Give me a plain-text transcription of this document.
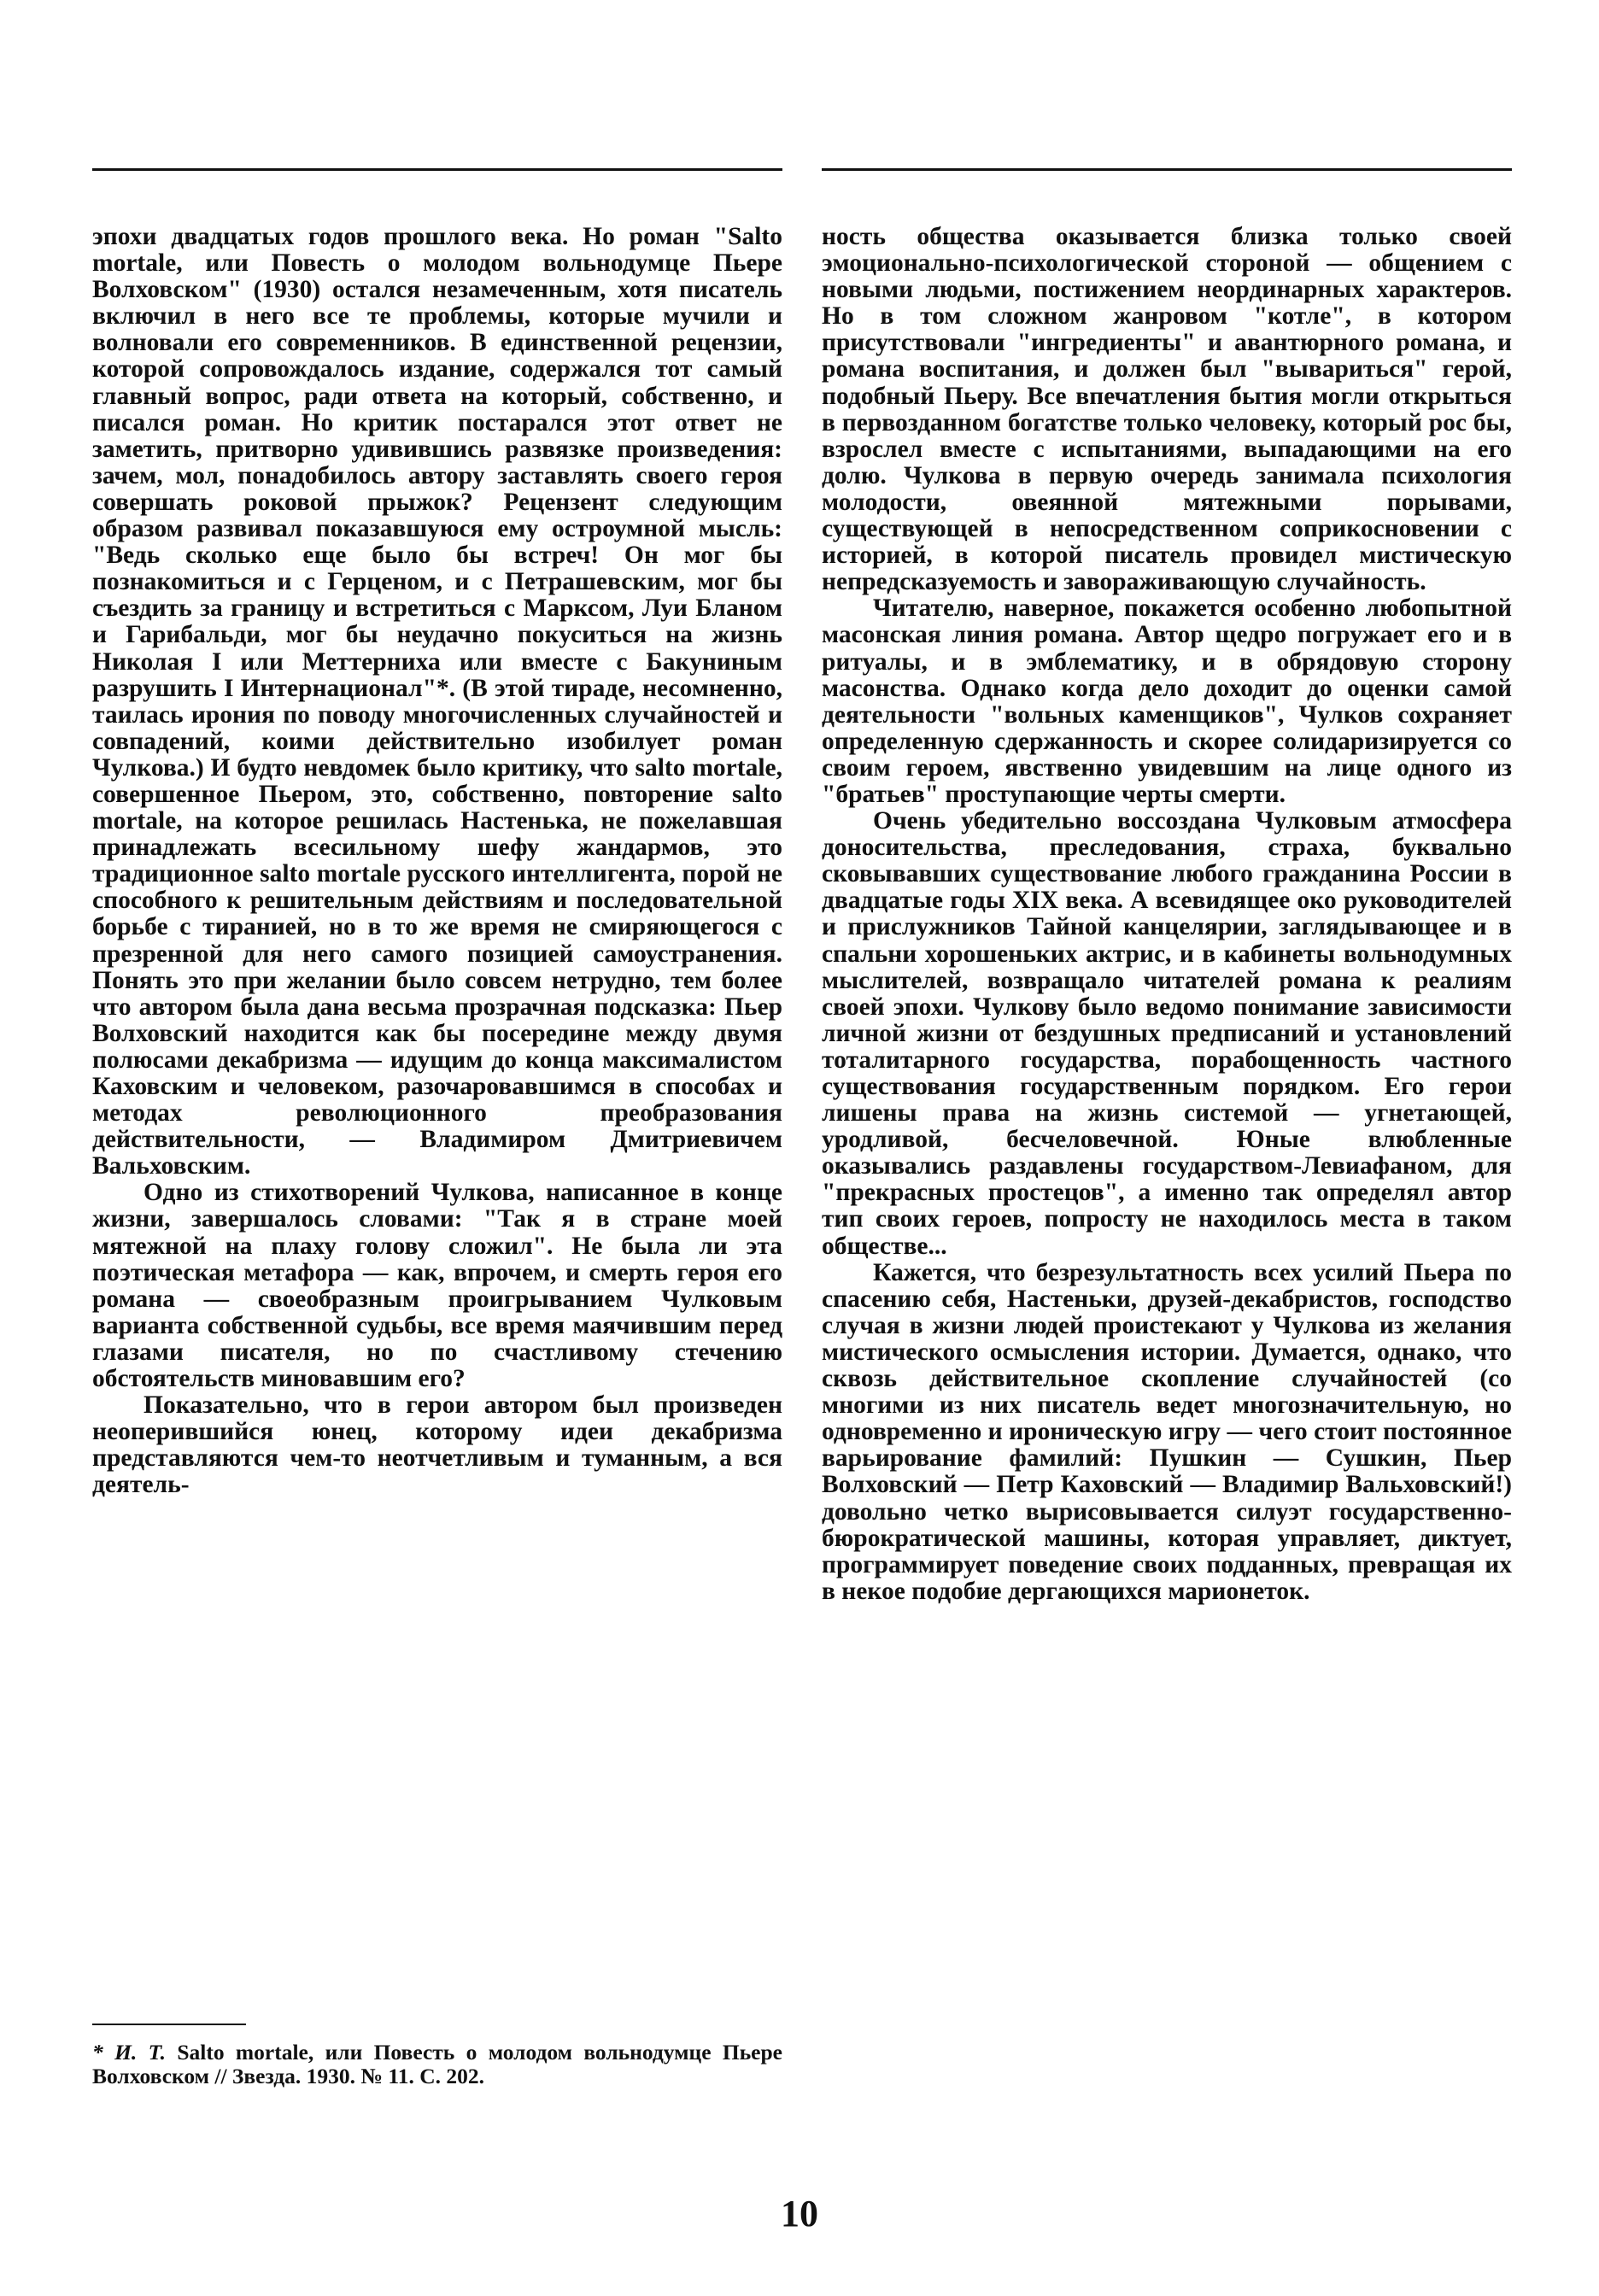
эпохи двадцатых годов прошлого века. Но роман "Salto mortale, или Повесть о молодом вольнодумце Пьере Волховском" (1930) остался незамеченным, хотя писатель включил в него все те проблемы, которые мучили и волновали его современников. В единственной рецензии, которой сопровождалось издание, содержался тот самый главный вопрос, ради ответа на который, собственно, и писался роман. Но критик постарался этот ответ не заметить, притворно удивившись развязке произведения: зачем, мол, понадобилось автору заставлять своего героя совершать роковой прыжок? Рецензент следующим образом развивал показавшуюся ему остроумной мысль: "Ведь сколько еще было бы встреч! Он мог бы познакомиться и с Герценом, и с Петрашевским, мог бы съездить за границу и встретиться с Марксом, Луи Бланом и Гарибальди, мог бы неудачно покуситься на жизнь Николая I или Меттерниха или вместе с Бакуниным разрушить I Интернационал"*. (В этой тираде, несомненно, таилась ирония по поводу многочисленных случайностей и совпадений, коими действительно изобилует роман Чулкова.) И будто невдомек было критику, что salto mortale, совершенное Пьером, это, собственно, повторение salto mortale, на которое решилась Настенька, не пожелавшая принадлежать всесильному шефу жандармов, это традиционное salto mortale русского интеллигента, порой не способного к решительным действиям и последовательной борьбе с тиранией, но в то же время не смиряющегося с презренной для него самого позицией самоустранения. Понять это при желании было совсем нетрудно, тем более что автором была дана весьма прозрачная подсказка: Пьер Волховский находится как бы посередине между двумя полюсами декабризма — идущим до конца максималистом Каховским и человеком, разочаровавшимся в способах и методах революционного преобразования действительности, — Владимиром Дмитриевичем Вальховским.

Одно из стихотворений Чулкова, написанное в конце жизни, завершалось словами: "Так я в стране моей мятежной на плаху голову сложил". Не была ли эта поэтическая метафора — как, впрочем, и смерть героя его романа — своеобразным проигрыванием Чулковым варианта собственной судьбы, все время маячившим перед глазами писателя, но по счастливому стечению обстоятельств миновавшим его?

Показательно, что в герои автором был произведен неоперившийся юнец, которому идеи декабризма представляются чем-то неотчетливым и туманным, а вся деятель-

ность общества оказывается близка только своей эмоционально-психологической стороной — общением с новыми людьми, постижением неординарных характеров. Но в том сложном жанровом "котле", в котором присутствовали "ингредиенты" и авантюрного романа, и романа воспитания, и должен был "вывариться" герой, подобный Пьеру. Все впечатления бытия могли открыться в первозданном богатстве только человеку, который рос бы, взрослел вместе с испытаниями, выпадающими на его долю. Чулкова в первую очередь занимала психология молодости, овеянной мятежными порывами, существующей в непосредственном соприкосновении с историей, в которой писатель провидел мистическую непредсказуемость и завораживающую случайность.

Читателю, наверное, покажется особенно любопытной масонская линия романа. Автор щедро погружает его и в ритуалы, и в эмблематику, и в обрядовую сторону масонства. Однако когда дело доходит до оценки самой деятельности "вольных каменщиков", Чулков сохраняет определенную сдержанность и скорее солидаризируется со своим героем, явственно увидевшим на лице одного из "братьев" проступающие черты смерти.

Очень убедительно воссоздана Чулковым атмосфера доносительства, преследования, страха, буквально сковывавших существование любого гражданина России в двадцатые годы XIX века. А всевидящее око руководителей и прислужников Тайной канцелярии, заглядывающее и в спальни хорошеньких актрис, и в кабинеты вольнодумных мыслителей, возвращало читателей романа к реалиям своей эпохи. Чулкову было ведомо понимание зависимости личной жизни от бездушных предписаний и установлений тоталитарного государства, порабощенность частного существования государственным порядком. Его герои лишены права на жизнь системой — угнетающей, уродливой, бесчеловечной. Юные влюбленные оказывались раздавлены государством-Левиафаном, для "прекрасных простецов", а именно так определял автор тип своих героев, попросту не находилось места в таком обществе...

Кажется, что безрезультатность всех усилий Пьера по спасению себя, Настеньки, друзей-декабристов, господство случая в жизни людей проистекают у Чулкова из желания мистического осмысления истории. Думается, однако, что сквозь действительное скопление случайностей (со многими из них писатель ведет многозначительную, но одновременно и ироническую игру — чего стоит постоянное варьирование фамилий: Пушкин — Сушкин, Пьер Волховский — Петр Каховский — Владимир Вальховский!) довольно четко вырисовывается силуэт государственно-бюрократической машины, которая управляет, диктует, программирует поведение своих подданных, превращая их в некое подобие дергающихся марионеток.

* И. Т. Salto mortale, или Повесть о молодом вольнодумце Пьере Волховском // Звезда. 1930. № 11. С. 202.
10
